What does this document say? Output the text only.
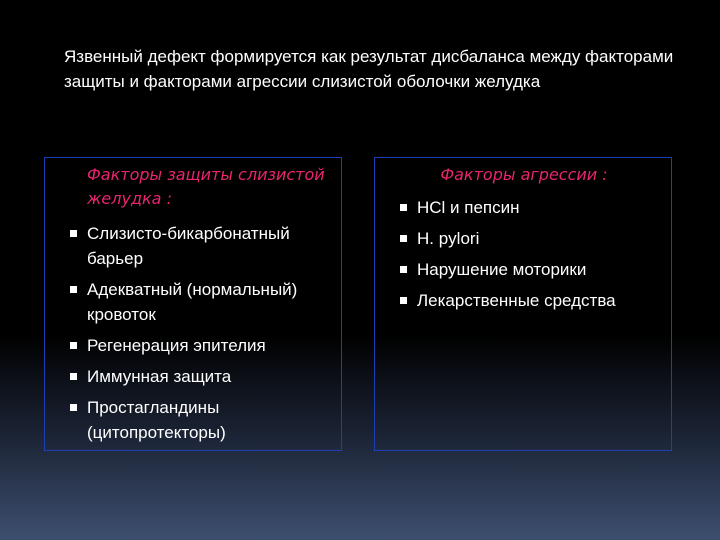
Язвенный дефект формируется как результат дисбаланса между факторами защиты и факторами агрессии слизистой оболочки желудка

Факторы защиты слизистой желудка :

Слизисто-бикарбонатный барьер
Адекватный (нормальный) кровоток
Регенерация эпителия
Иммунная защита
Простагландины (цитопротекторы)

Факторы агрессии :

HCl и пепсин
H. pylori
Нарушение моторики
Лекарственные средства
